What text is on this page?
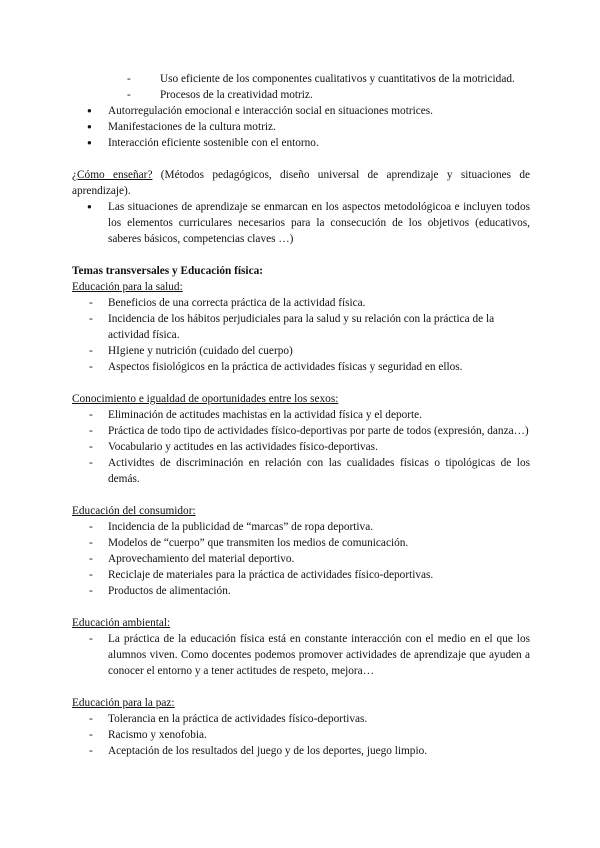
-	Uso eficiente de los componentes cualitativos y cuantitativos de la motricidad.
-	Procesos de la creatividad motriz.
● Autorregulación emocional e interacción social en situaciones motrices.
● Manifestaciones de la cultura motriz.
● Interacción eficiente sostenible con el entorno.

¿Cómo enseñar? (Métodos pedagógicos, diseño universal de aprendizaje y situaciones de aprendizaje).

● Las situaciones de aprendizaje se enmarcan en los aspectos metodológicoa e incluyen todos los elementos curriculares necesarios para la consecución de los objetivos (educativos, saberes básicos, competencias claves …)
Temas transversales y Educación física:
Educación para la salud:
- Beneficios de una correcta práctica de la actividad física.
- Incidencia de los hábitos perjudiciales para la salud y su relación con la práctica de la actividad física.
- HIgiene y nutrición (cuidado del cuerpo)
- Aspectos fisiológicos en la práctica de actividades físicas y seguridad en ellos.
Conocimiento e igualdad de oportunidades entre los sexos:
- Eliminación de actitudes machistas en la actividad física y el deporte.
- Práctica de todo tipo de actividades físico-deportivas por parte de todos (expresión, danza…)
- Vocabulario y actitudes en las actividades físico-deportivas.
- Actividtes de discriminación en relación con las cualidades físicas o tipológicas de los demás.
Educación del consumidor:
- Incidencia de la publicidad de “marcas” de ropa deportiva.
- Modelos de “cuerpo” que transmiten los medios de comunicación.
- Aprovechamiento del material deportivo.
- Reciclaje de materiales para la práctica de actividades físico-deportivas.
- Productos de alimentación.
Educación ambiental:
- La práctica de la educación física está en constante interacción con el medio en el que los alumnos viven. Como docentes podemos promover actividades de aprendizaje que ayuden a conocer el entorno y a tener actitudes de respeto, mejora…
Educación para la paz:
- Tolerancia en la práctica de actividades físico-deportivas.
- Racismo y xenofobia.
- Aceptación de los resultados del juego y de los deportes, juego limpio.
